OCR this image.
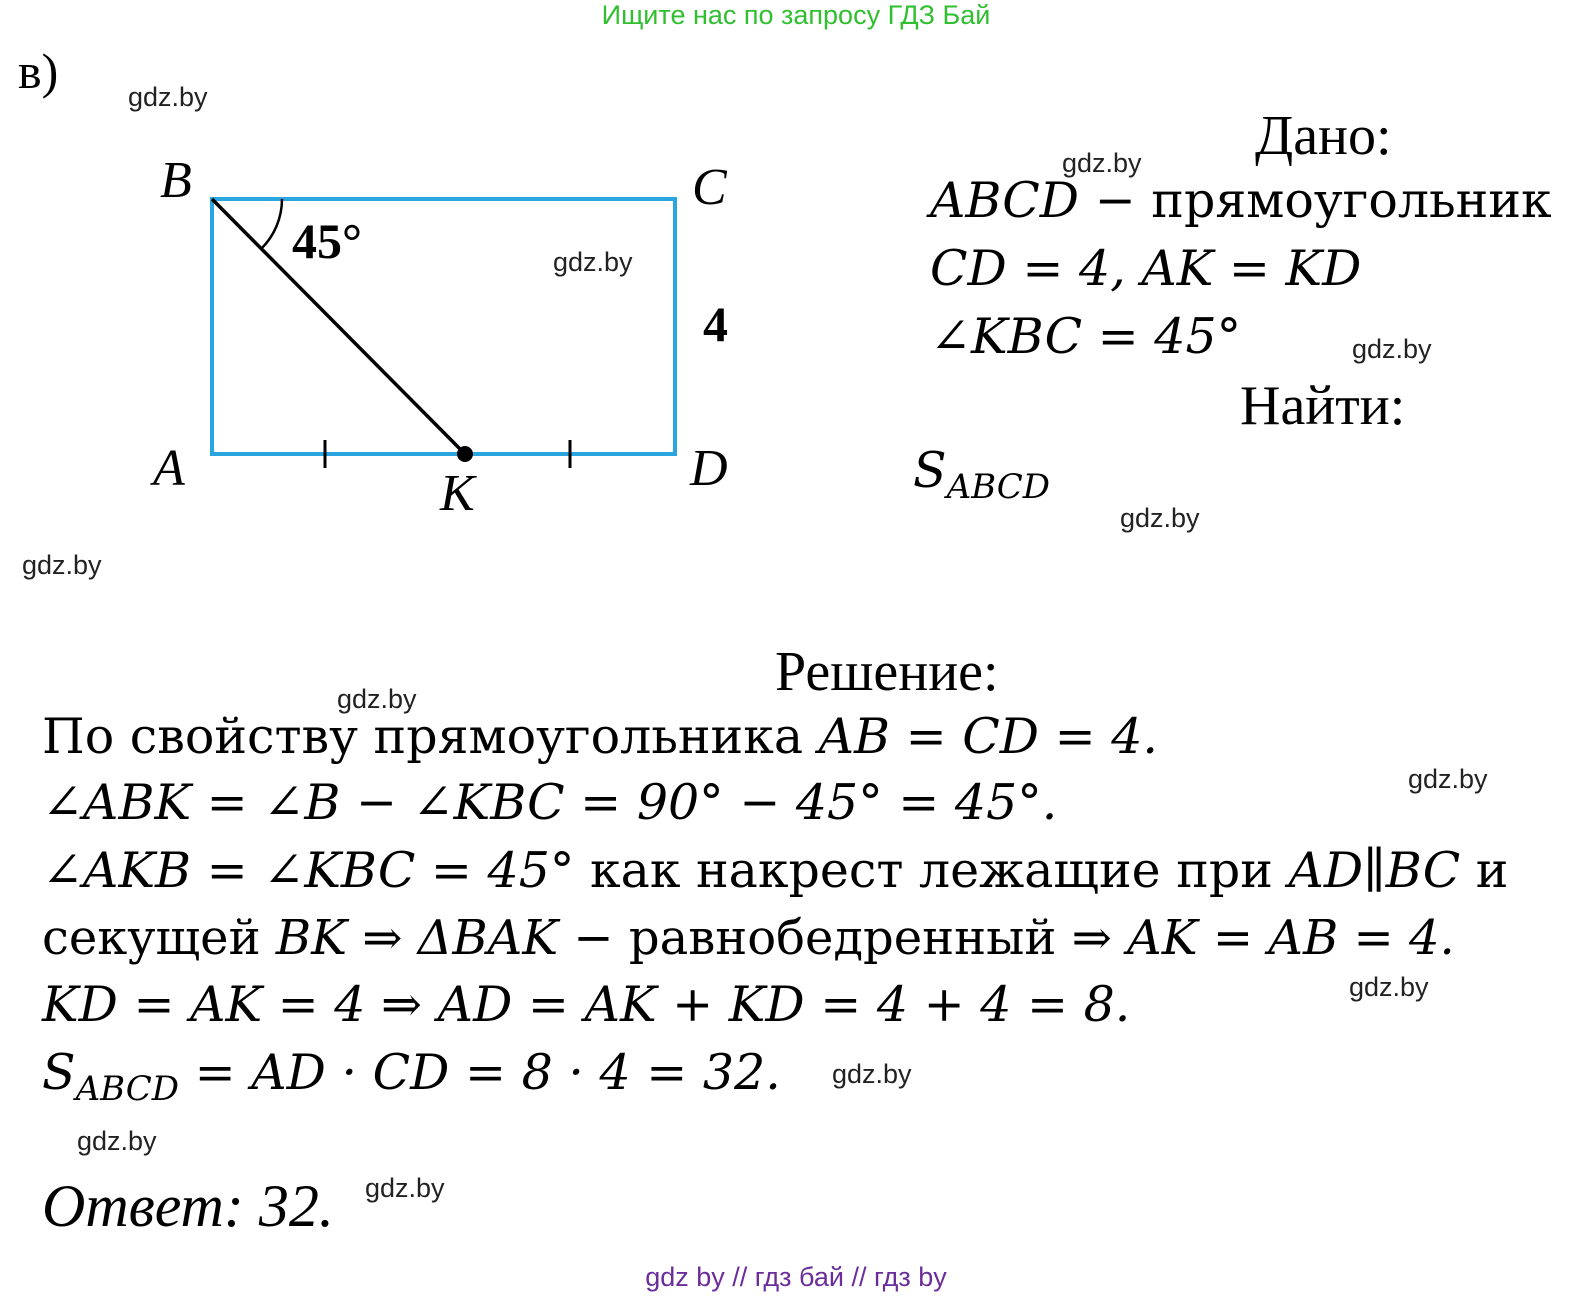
Ищите нас по запросу ГДЗ Бай
в)	gdz.by
gdz.by
gdz.by
gdz.by
gdz.by
gdz.by
gdz.by
gdz.by
gdz.by
gdz.by
gdz.by
gdz.by
B	C
A	D
K
45°
4
Дано:
ABCD − прямоугольник
CD = 4, AK = KD
∠KBC = 45°
Найти:
$S_{ABCD}$
Решение:
По свойству прямоугольника AB = CD = 4.
∠ABK = ∠B − ∠KBC = 90° − 45° = 45°.
∠AKB = ∠KBC = 45° как накрест лежащие при AD∥BC и
секущей BK ⇒ ΔBAK − равнобедренный ⇒ AK = AB = 4.
KD = AK = 4 ⇒ AD = AK + KD = 4 + 4 = 8.
$S_{ABCD}$ = AD · CD = 8 · 4 = 32.
Ответ: 32.
gdz by // гдз бай // гдз by
